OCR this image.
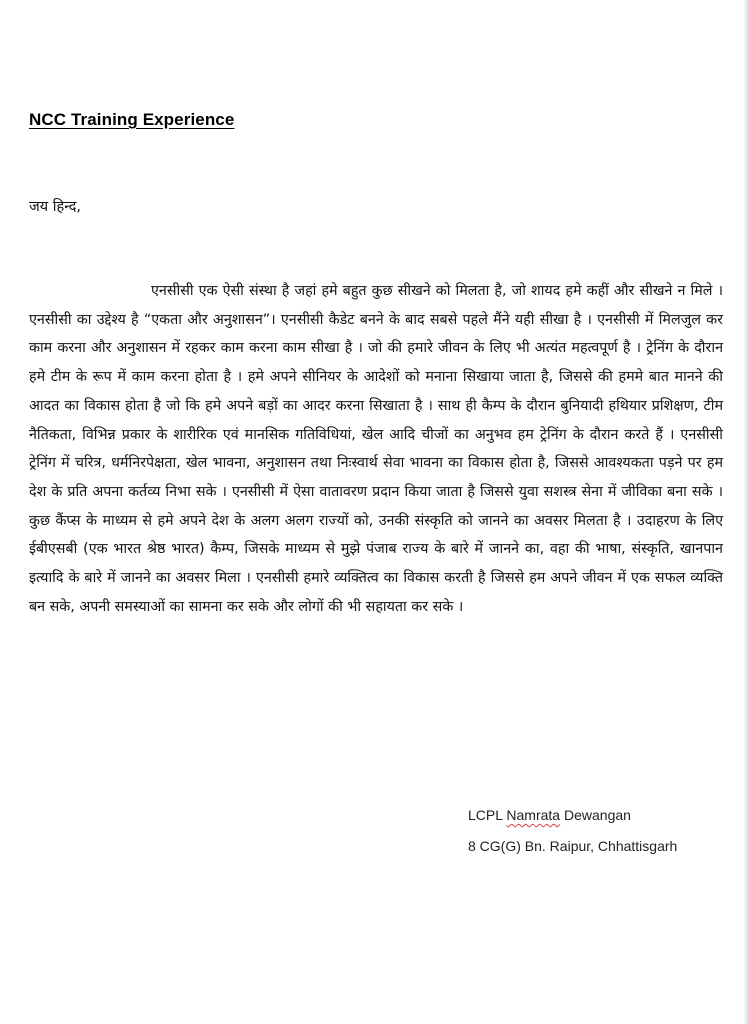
NCC Training Experience
जय हिन्द,

एनसीसी एक ऐसी संस्था है जहां हमे बहुत कुछ सीखने को मिलता है, जो शायद हमे कहीं और सीखने न मिले । एनसीसी का उद्देश्य है “एकता और अनुशासन”। एनसीसी कैडेट बनने के बाद सबसे पहले मैंने यही सीखा है । एनसीसी में मिलजुल कर काम करना और अनुशासन में रहकर काम करना काम सीखा है । जो की हमारे जीवन के लिए भी अत्यंत महत्वपूर्ण है । ट्रेनिंग के दौरान हमे टीम के रूप में काम करना होता है । हमे अपने सीनियर के आदेशों को मनाना सिखाया जाता है, जिससे की हममे बात मानने की आदत का विकास होता है जो कि हमे अपने बड़ों का आदर करना सिखाता है । साथ ही कैम्प के दौरान बुनियादी हथियार प्रशिक्षण, टीम नैतिकता, विभिन्न प्रकार के शारीरिक एवं मानसिक गतिविधियां, खेल आदि चीजों का अनुभव हम ट्रेनिंग के दौरान करते हैं । एनसीसी ट्रेनिंग में चरित्र, धर्मनिरपेक्षता, खेल भावना, अनुशासन तथा निःस्वार्थ सेवा भावना का विकास होता है, जिससे आवश्यकता पड़ने पर हम देश के प्रति अपना कर्तव्य निभा सके । एनसीसी में ऐसा वातावरण प्रदान किया जाता है जिससे युवा सशस्त्र सेना में जीविका बना सके । कुछ कैंप्स के माध्यम से हमे अपने देश के अलग अलग राज्यों को, उनकी संस्कृति को जानने का अवसर मिलता है । उदाहरण के लिए ईबीएसबी (एक भारत श्रेष्ठ भारत) कैम्प, जिसके माध्यम से मुझे पंजाब राज्य के बारे में जानने का, वहा की भाषा, संस्कृति, खानपान इत्यादि के बारे में जानने का अवसर मिला । एनसीसी हमारे व्यक्तित्व का विकास करती है जिससे हम अपने जीवन में एक सफल व्यक्ति बन सके, अपनी समस्याओं का सामना कर सके और लोगों की भी सहायता कर सके ।

LCPL Namrata Dewangan
8 CG(G) Bn. Raipur, Chhattisgarh
